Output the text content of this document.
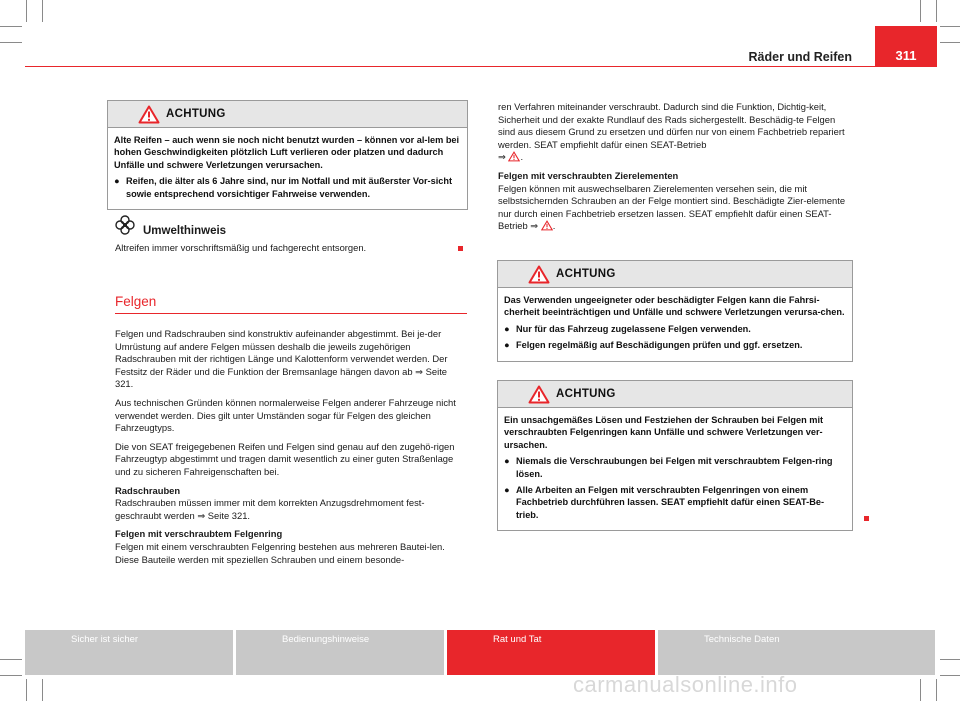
Räder und Reifen	311
ACHTUNG

Alte Reifen – auch wenn sie noch nicht benutzt wurden – können vor al-lem bei hohen Geschwindigkeiten plötzlich Luft verlieren oder platzen und dadurch Unfälle und schwere Verletzungen verursachen.

● Reifen, die älter als 6 Jahre sind, nur im Notfall und mit äußerster Vor-sicht sowie entsprechend vorsichtiger Fahrweise verwenden.
Umwelthinweis
Altreifen immer vorschriftsmäßig und fachgerecht entsorgen.
Felgen

Felgen und Radschrauben sind konstruktiv aufeinander abgestimmt. Bei je-der Umrüstung auf andere Felgen müssen deshalb die jeweils zugehörigen Radschrauben mit der richtigen Länge und Kalottenform verwendet werden. Der Festsitz der Räder und die Funktion der Bremsanlage hängen davon ab ⇒ Seite 321.

Aus technischen Gründen können normalerweise Felgen anderer Fahrzeuge nicht verwendet werden. Dies gilt unter Umständen sogar für Felgen des gleichen Fahrzeugtyps.

Die von SEAT freigegebenen Reifen und Felgen sind genau auf den zugehö-rigen Fahrzeugtyp abgestimmt und tragen damit wesentlich zu einer guten Straßenlage und zu sicheren Fahreigenschaften bei.

Radschrauben

Radschrauben müssen immer mit dem korrekten Anzugsdrehmoment fest-geschraubt werden ⇒ Seite 321.

Felgen mit verschraubtem Felgenring

Felgen mit einem verschraubten Felgenring bestehen aus mehreren Bautei-len. Diese Bauteile werden mit speziellen Schrauben und einem besonde-

ren Verfahren miteinander verschraubt. Dadurch sind die Funktion, Dichtig-keit, Sicherheit und der exakte Rundlauf des Rads sichergestellt. Beschädig-te Felgen sind aus diesem Grund zu ersetzen und dürfen nur von einem Fachbetrieb repariert werden. SEAT empfiehlt dafür einen SEAT-Betrieb
⇒ .

Felgen mit verschraubten Zierelementen

Felgen können mit auswechselbaren Zierelementen versehen sein, die mit selbstsichernden Schrauben an der Felge montiert sind. Beschädigte Zier-elemente nur durch einen Fachbetrieb ersetzen lassen. SEAT empfiehlt dafür einen SEAT-Betrieb ⇒ .

ACHTUNG

Das Verwenden ungeeigneter oder beschädigter Felgen kann die Fahrsi-cherheit beeinträchtigen und Unfälle und schwere Verletzungen verursa-chen.

● Nur für das Fahrzeug zugelassene Felgen verwenden.
● Felgen regelmäßig auf Beschädigungen prüfen und ggf. ersetzen.
ACHTUNG

Ein unsachgemäßes Lösen und Festziehen der Schrauben bei Felgen mit verschraubten Felgenringen kann Unfälle und schwere Verletzungen ver-ursachen.

● Niemals die Verschraubungen bei Felgen mit verschraubtem Felgen-ring lösen.
● Alle Arbeiten an Felgen mit verschraubten Felgenringen von einem Fachbetrieb durchführen lassen. SEAT empfiehlt dafür einen SEAT-Be-trieb.
Sicher ist sicher	Bedienungshinweise	Rat und Tat	Technische Daten
carmanualsonline.info
